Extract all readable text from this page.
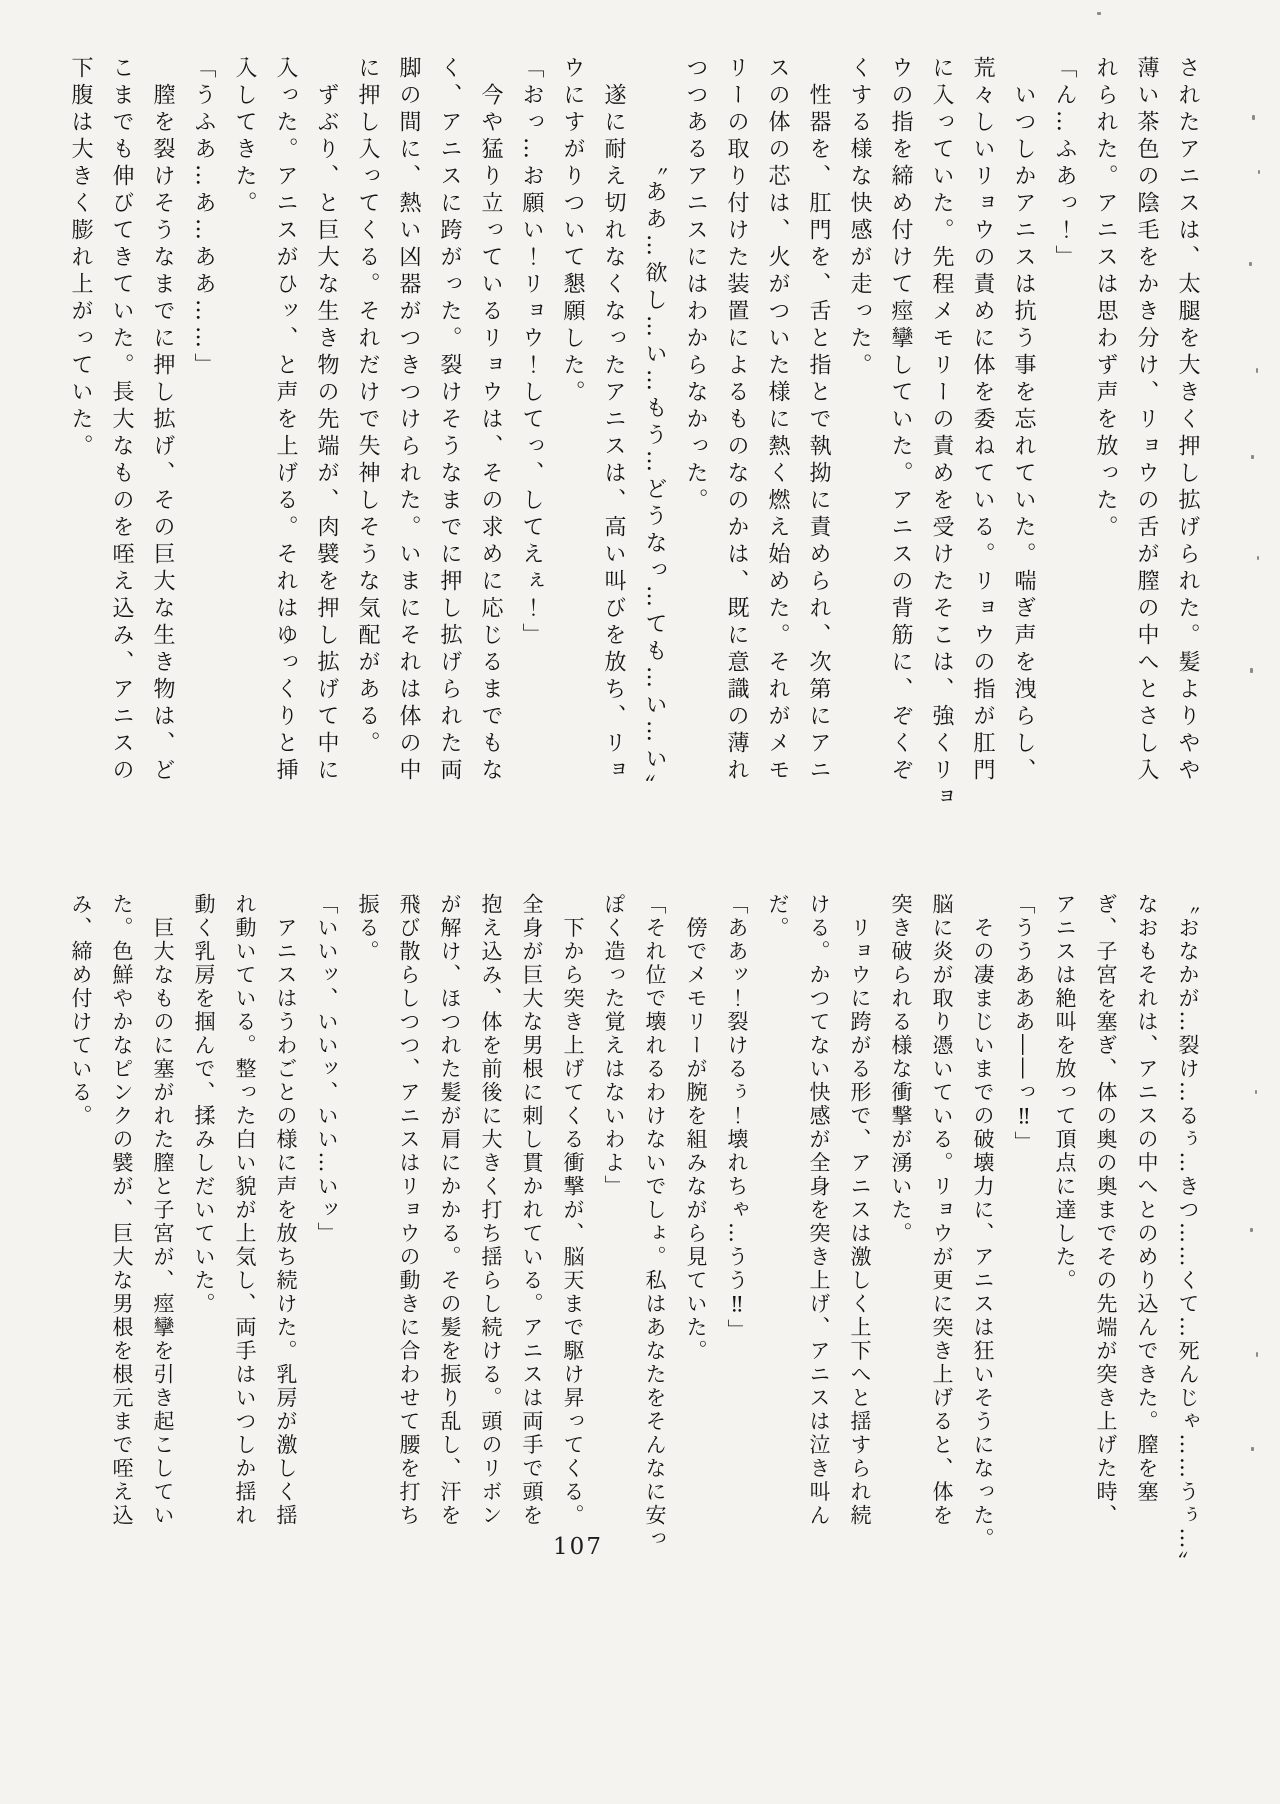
されたアニスは、太腿を大きく押し拡げられた。髪よりやや
薄い茶色の陰毛をかき分け、リョウの舌が膣の中へとさし入
れられた。アニスは思わず声を放った。
「ん…ふあっ！」
　いつしかアニスは抗う事を忘れていた。喘ぎ声を洩らし、
荒々しいリョウの責めに体を委ねている。リョウの指が肛門
に入っていた。先程メモリーの責めを受けたそこは、強くリョ
ウの指を締め付けて痙攣していた。アニスの背筋に、ぞくぞ
くする様な快感が走った。
　性器を、肛門を、舌と指とで執拗に責められ、次第にアニ
スの体の芯は、火がついた様に熱く燃え始めた。それがメモ
リーの取り付けた装置によるものなのかは、既に意識の薄れ
つつあるアニスにはわからなかった。
　　　　〝ああ…欲し…い…もう…どうなっ…ても…い…い〟
　遂に耐え切れなくなったアニスは、高い叫びを放ち、リョ
ウにすがりついて懇願した。
「おっ…お願い！リョウ！してっ、してえぇ！」
　今や猛り立っているリョウは、その求めに応じるまでもな
く、アニスに跨がった。裂けそうなまでに押し拡げられた両
脚の間に、熱い凶器がつきつけられた。いまにそれは体の中
に押し入ってくる。それだけで失神しそうな気配がある。
　ずぶり、と巨大な生き物の先端が、肉襞を押し拡げて中に
入った。アニスがひッ、と声を上げる。それはゆっくりと挿
入してきた。
「うふあ…あ…ああ……」
　膣を裂けそうなまでに押し拡げ、その巨大な生き物は、ど
こまでも伸びてきていた。長大なものを咥え込み、アニスの
下腹は大きく膨れ上がっていた。
〝おなかが…裂け…るぅ…きつ……くて…死んじゃ……うぅ…〟
なおもそれは、アニスの中へとのめり込んできた。膣を塞
ぎ、子宮を塞ぎ、体の奥の奥までその先端が突き上げた時、
アニスは絶叫を放って頂点に達した。
「ううあああ――っ‼」
　その凄まじいまでの破壊力に、アニスは狂いそうになった。
脳に炎が取り憑いている。リョウが更に突き上げると、体を
突き破られる様な衝撃が湧いた。
　リョウに跨がる形で、アニスは激しく上下へと揺すられ続
ける。かつてない快感が全身を突き上げ、アニスは泣き叫ん
だ。
「ああッ！裂けるぅ！壊れちゃ…うう‼」
　傍でメモリーが腕を組みながら見ていた。
「それ位で壊れるわけないでしょ。私はあなたをそんなに安っ
ぽく造った覚えはないわよ」
　下から突き上げてくる衝撃が、脳天まで駆け昇ってくる。
全身が巨大な男根に刺し貫かれている。アニスは両手で頭を
抱え込み、体を前後に大きく打ち揺らし続ける。頭のリボン
が解け、ほつれた髪が肩にかかる。その髪を振り乱し、汗を
飛び散らしつつ、アニスはリョウの動きに合わせて腰を打ち
振る。
「いいッ、いいッ、いい…いッ」
　アニスはうわごとの様に声を放ち続けた。乳房が激しく揺
れ動いている。整った白い貌が上気し、両手はいつしか揺れ
動く乳房を掴んで、揉みしだいていた。
　巨大なものに塞がれた膣と子宮が、痙攣を引き起こしてい
た。色鮮やかなピンクの襞が、巨大な男根を根元まで咥え込
み、締め付けている。
107
